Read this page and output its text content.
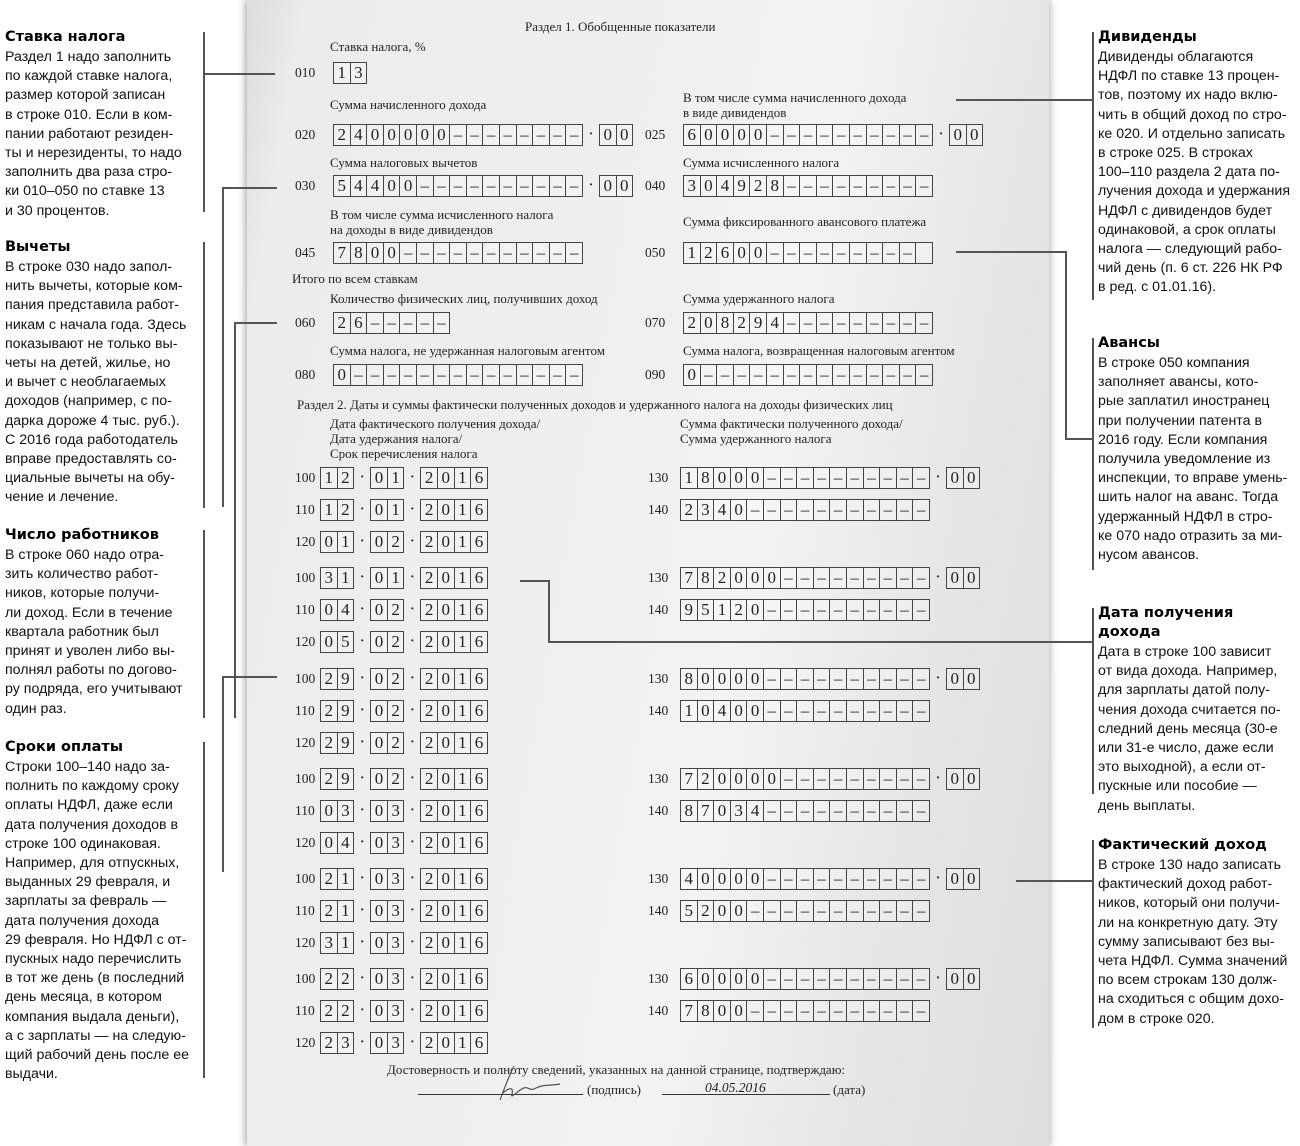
Ставка налога

Раздел 1 надо заполнить
по каждой ставке налога,
размер которой записан
в строке 010. Если в ком-
пании работают резиден-
ты и нерезиденты, то надо
заполнить два раза стро-
ки 010–050 по ставке 13
и 30 процентов.

Вычеты

В строке 030 надо запол-
нить вычеты, которые ком-
пания представила работ-
никам с начала года. Здесь
показывают не только вы-
четы на детей, жилье, но
и вычет с необлагаемых
доходов (например, с по-
дарка дороже 4 тыс. руб.).
С 2016 года работодатель
вправе предоставлять со-
циальные вычеты на обу-
чение и лечение.

Число работников

В строке 060 надо отра-
зить количество работ-
ников, которые получи-
ли доход. Если в течение
квартала работник был
принят и уволен либо вы-
полнял работы по догово-
ру подряда, его учитывают
один раз.

Сроки оплаты

Строки 100–140 надо за-
полнить по каждому сроку
оплаты НДФЛ, даже если
дата получения доходов в
строке 100 одинаковая.
Например, для отпускных,
выданных 29 февраля, и
зарплаты за февраль —
дата получения дохода
29 февраля. Но НДФЛ с от-
пускных надо перечислить
в тот же день (в последний
день месяца, в котором
компания выдала деньги),
а с зарплаты — на следую-
щий рабочий день после ее
выдачи.

Дивиденды

Дивиденды облагаются
НДФЛ по ставке 13 процен-
тов, поэтому их надо вклю-
чить в общий доход по стро-
ке 020. И отдельно записать
в строке 025. В строках
100–110 раздела 2 дата по-
лучения дохода и удержания
НДФЛ с дивидендов будет
одинаковой, а срок оплаты
налога — следующий рабо-
чий день (п. 6 ст. 226 НК РФ
в ред. с 01.01.16).

Авансы

В строке 050 компания
заполняет авансы, кото-
рые заплатил иностранец
при получении патента в
2016 году. Если компания
получила уведомление из
инспекции, то вправе умень-
шить налог на аванс. Тогда
удержанный НДФЛ в стро-
ке 070 надо отразить за ми-
нусом авансов.

Дата получения дохода

Дата в строке 100 зависит
от вида дохода. Например,
для зарплаты датой полу-
чения дохода считается по-
следний день месяца (30-е
или 31-е число, даже если
это выходной), а если от-
пускные или пособие —
день выплаты.

Фактический доход

В строке 130 надо записать
фактический доход работ-
ников, который они получи-
ли на конкретную дату. Эту
сумму записывают без вы-
чета НДФЛ. Сумма значений
по всем строкам 130 долж-
на сходиться с общим дохо-
дом в строке 020.

Раздел 1. Обобщенные показатели
Ставка налога, %
010 1 3
Сумма начисленного дохода
020 2 4 0 0 0 0 0 – – – – – – – – · 0 0
В том числе сумма начисленного дохода
в виде дивидендов
025 6 0 0 0 0 – – – – – – – – – – · 0 0
Сумма налоговых вычетов
030 5 4 4 0 0 – – – – – – – – – – · 0 0
Сумма исчисленного налога
040 3 0 4 9 2 8 – – – – – – – – –
В том числе сумма исчисленного налога
на доходы в виде дивидендов
045 7 8 0 0 – – – – – – – – – – –
Сумма фиксированного авансового платежа
050 1 2 6 0 0 – – – – – – – – –
Количество физических лиц, получивших доход
060 2 6 – – – – –
Сумма удержанного налога
070 2 0 8 2 9 4 – – – – – – – – –
Сумма налога, не удержанная налоговым агентом
080 0 – – – – – – – – – – – – – –
Сумма налога, возвращенная налоговым агентом
090 0 – – – – – – – – – – – – – –
Итого по всем ставкам
Раздел 2. Даты и суммы фактически полученных доходов и удержанного налога на доходы физических лиц
Дата фактического получения дохода/
Дата удержания налога/
Срок перечисления налога
Сумма фактически полученного дохода/
Сумма удержанного налога
100 1 2 · 0 1 · 2 0 1 6
110 1 2 · 0 1 · 2 0 1 6
120 0 1 · 0 2 · 2 0 1 6
130 1 8 0 0 0 – – – – – – – – – – · 0 0
140 2 3 4 0 – – – – – – – – – – –
100 3 1 · 0 1 · 2 0 1 6
110 0 4 · 0 2 · 2 0 1 6
120 0 5 · 0 2 · 2 0 1 6
130 7 8 2 0 0 0 – – – – – – – – – · 0 0
140 9 5 1 2 0 – – – – – – – – – –
100 2 9 · 0 2 · 2 0 1 6
110 2 9 · 0 2 · 2 0 1 6
120 2 9 · 0 2 · 2 0 1 6
130 8 0 0 0 0 – – – – – – – – – – · 0 0
140 1 0 4 0 0 – – – – – – – – – –
100 2 9 · 0 2 · 2 0 1 6
110 0 3 · 0 3 · 2 0 1 6
120 0 4 · 0 3 · 2 0 1 6
130 7 2 0 0 0 0 – – – – – – – – – · 0 0
140 8 7 0 3 4 – – – – – – – – – –
100 2 1 · 0 3 · 2 0 1 6
110 2 1 · 0 3 · 2 0 1 6
120 3 1 · 0 3 · 2 0 1 6
130 4 0 0 0 0 – – – – – – – – – – · 0 0
140 5 2 0 0 – – – – – – – – – – –
100 2 2 · 0 3 · 2 0 1 6
110 2 2 · 0 3 · 2 0 1 6
120 2 3 · 0 3 · 2 0 1 6
130 6 0 0 0 0 – – – – – – – – – – · 0 0
140 7 8 0 0 – – – – – – – – – – –
Достоверность и полноту сведений, указанных на данной странице, подтверждаю:
(подпись)	04.05.2016	(дата)
